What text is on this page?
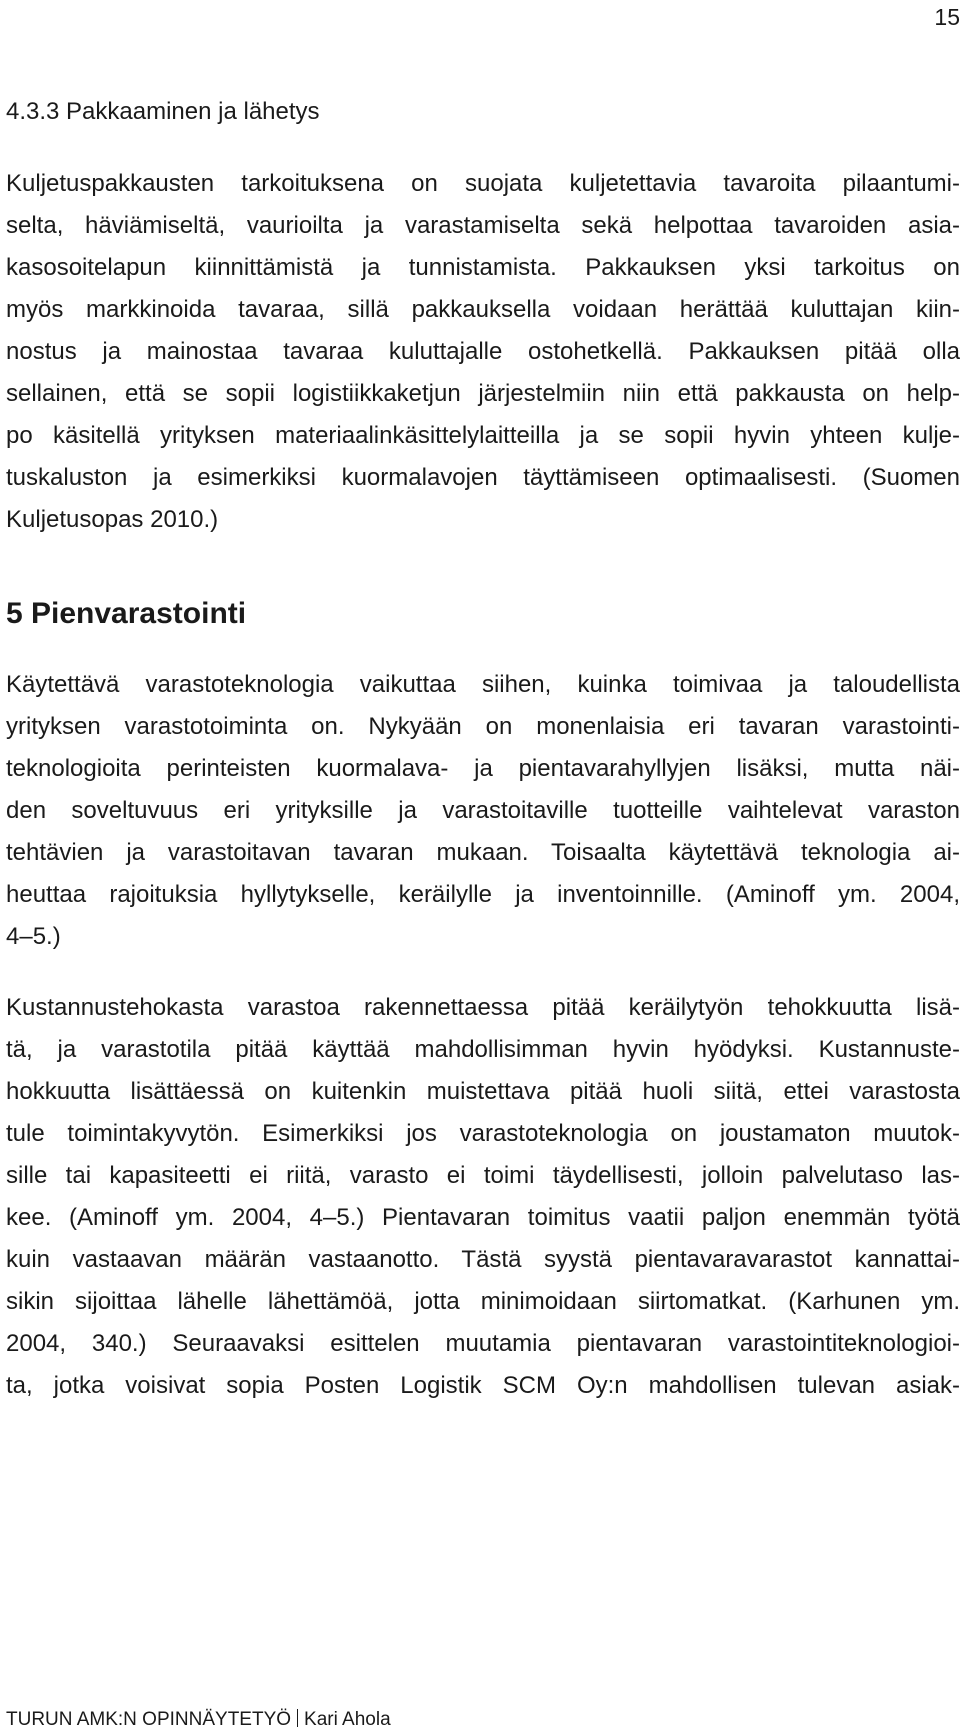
15
4.3.3 Pakkaaminen ja lähetys

Kuljetuspakkausten tarkoituksena on suojata kuljetettavia tavaroita pilaantumi-

selta, häviämiseltä, vaurioilta ja varastamiselta sekä helpottaa tavaroiden asia-

kasosoitelapun kiinnittämistä ja tunnistamista. Pakkauksen yksi tarkoitus on

myös markkinoida tavaraa, sillä pakkauksella voidaan herättää kuluttajan kiin-

nostus ja mainostaa tavaraa kuluttajalle ostohetkellä. Pakkauksen pitää olla

sellainen, että se sopii logistiikkaketjun järjestelmiin niin että pakkausta on help-

po käsitellä yrityksen materiaalinkäsittelylaitteilla ja se sopii hyvin yhteen kulje-

tuskaluston ja esimerkiksi kuormalavojen täyttämiseen optimaalisesti. (Suomen

Kuljetusopas 2010.)

5 Pienvarastointi

Käytettävä varastoteknologia vaikuttaa siihen, kuinka toimivaa ja taloudellista

yrityksen varastotoiminta on. Nykyään on monenlaisia eri tavaran varastointi-

teknologioita perinteisten kuormalava- ja pientavarahyllyjen lisäksi, mutta näi-

den soveltuvuus eri yrityksille ja varastoitaville tuotteille vaihtelevat varaston

tehtävien ja varastoitavan tavaran mukaan. Toisaalta käytettävä teknologia ai-

heuttaa rajoituksia hyllytykselle, keräilylle ja inventoinnille. (Aminoff ym. 2004,

4–5.)

Kustannustehokasta varastoa rakennettaessa pitää keräilytyön tehokkuutta lisä-

tä, ja varastotila pitää käyttää mahdollisimman hyvin hyödyksi. Kustannuste-

hokkuutta lisättäessä on kuitenkin muistettava pitää huoli siitä, ettei varastosta

tule toimintakyvytön. Esimerkiksi jos varastoteknologia on joustamaton muutok-

sille tai kapasiteetti ei riitä, varasto ei toimi täydellisesti, jolloin palvelutaso las-

kee. (Aminoff ym. 2004, 4–5.) Pientavaran toimitus vaatii paljon enemmän työtä

kuin vastaavan määrän vastaanotto. Tästä syystä pientavaravarastot kannattai-

sikin sijoittaa lähelle lähettämöä, jotta minimoidaan siirtomatkat. (Karhunen ym.

2004, 340.) Seuraavaksi esittelen muutamia pientavaran varastointiteknologioi-

ta, jotka voisivat sopia Posten Logistik SCM Oy:n mahdollisen tulevan asiak-

TURUN AMK:N OPINNÄYTETYÖ Kari Ahola
